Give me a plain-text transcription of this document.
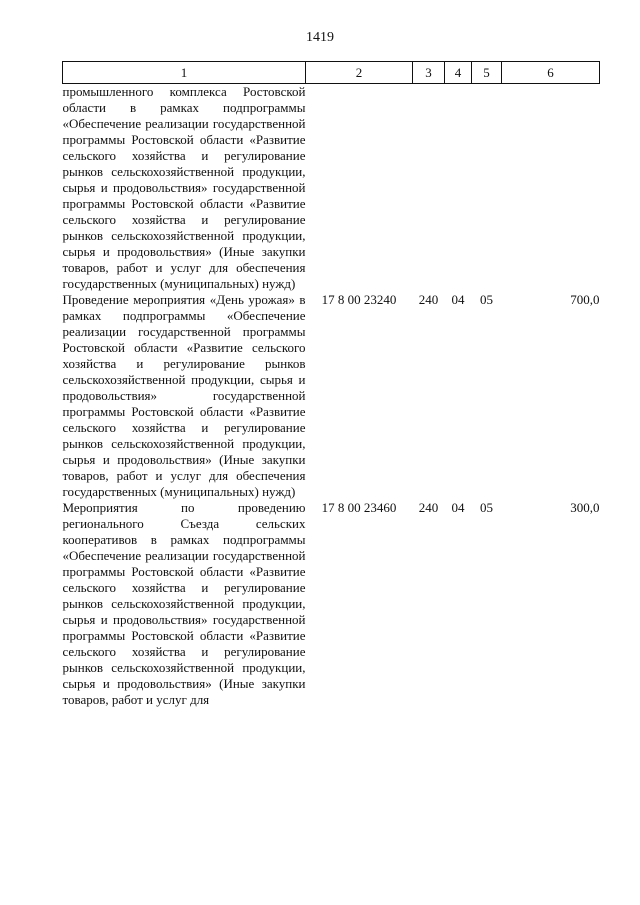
1419
1	2	3	4	5	6
промышленного комплекса Ростовской области в рамках подпрограммы «Обеспечение реализации государственной программы Ростовской области «Развитие сельского хозяйства и регулирование рынков сельскохозяйственной продукции, сырья и продовольствия» государственной программы Ростовской области «Развитие сельского хозяйства и регулирование рынков сельскохозяйственной продукции, сырья и продовольствия» (Иные закупки товаров, работ и услуг для обеспечения государственных (муниципальных) нужд)					
Проведение мероприятия «День урожая» в рамках подпрограммы «Обеспечение реализации государственной программы Ростовской области «Развитие сельского хозяйства и регулирование рынков сельскохозяйственной продукции, сырья и продовольствия» государственной программы Ростовской области «Развитие сельского хозяйства и регулирование рынков сельскохозяйственной продукции, сырья и продовольствия» (Иные закупки товаров, работ и услуг для обеспечения государственных (муниципальных) нужд)	17 8 00 23240	240	04	05	700,0
Мероприятия по проведению регионального Съезда сельских кооперативов в рамках подпрограммы «Обеспечение реализации государственной программы Ростовской области «Развитие сельского хозяйства и регулирование рынков сельскохозяйственной продукции, сырья и продовольствия» государственной программы Ростовской области «Развитие сельского хозяйства и регулирование рынков сельскохозяйственной продукции, сырья и продовольствия» (Иные закупки товаров, работ и услуг для	17 8 00 23460	240	04	05	300,0
